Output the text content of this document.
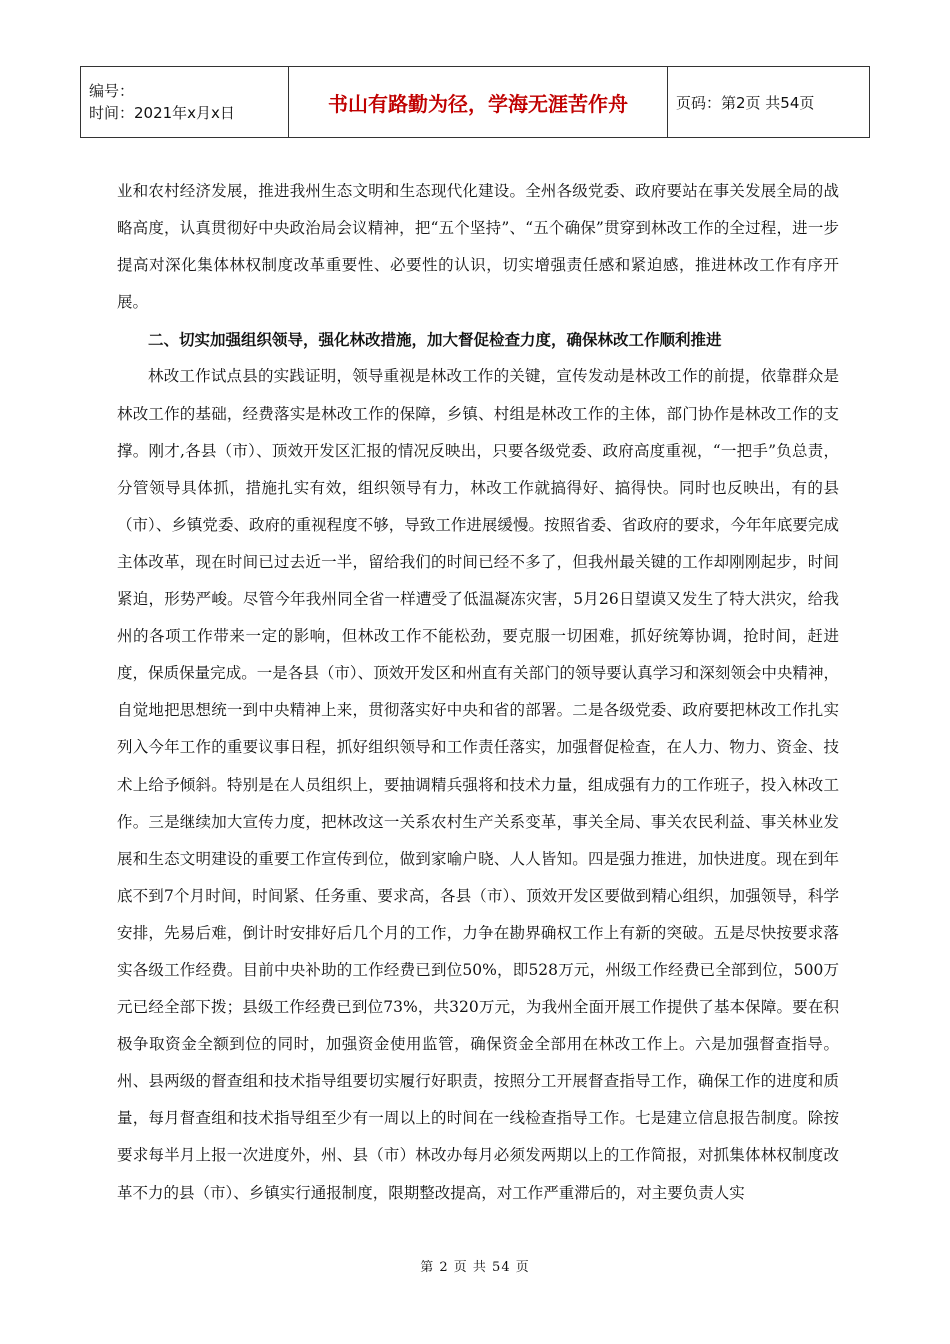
编号：
时间：2021年x月x日	书山有路勤为径，学海无涯苦作舟	页码：第2页 共54页

业和农村经济发展，推进我州生态文明和生态现代化建设。全州各级党委、政府要站在事关发展全局的战略高度，认真贯彻好中央政治局会议精神，把“五个坚持”、“五个确保”贯穿到林改工作的全过程，进一步提高对深化集体林权制度改革重要性、必要性的认识，切实增强责任感和紧迫感，推进林改工作有序开展。

二、切实加强组织领导，强化林改措施，加大督促检查力度，确保林改工作顺利推进

林改工作试点县的实践证明，领导重视是林改工作的关键，宣传发动是林改工作的前提，依靠群众是林改工作的基础，经费落实是林改工作的保障，乡镇、村组是林改工作的主体，部门协作是林改工作的支撑。刚才,各县（市）、顶效开发区汇报的情况反映出，只要各级党委、政府高度重视，“一把手”负总责，分管领导具体抓，措施扎实有效，组织领导有力，林改工作就搞得好、搞得快。同时也反映出，有的县（市）、乡镇党委、政府的重视程度不够，导致工作进展缓慢。按照省委、省政府的要求，今年年底要完成主体改革，现在时间已过去近一半，留给我们的时间已经不多了，但我州最关键的工作却刚刚起步，时间紧迫，形势严峻。尽管今年我州同全省一样遭受了低温凝冻灾害，5月26日望谟又发生了特大洪灾，给我州的各项工作带来一定的影响，但林改工作不能松劲，要克服一切困难，抓好统筹协调，抢时间，赶进度，保质保量完成。一是各县（市）、顶效开发区和州直有关部门的领导要认真学习和深刻领会中央精神，自觉地把思想统一到中央精神上来，贯彻落实好中央和省的部署。二是各级党委、政府要把林改工作扎实列入今年工作的重要议事日程，抓好组织领导和工作责任落实，加强督促检查，在人力、物力、资金、技术上给予倾斜。特别是在人员组织上，要抽调精兵强将和技术力量，组成强有力的工作班子，投入林改工作。三是继续加大宣传力度，把林改这一关系农村生产关系变革，事关全局、事关农民利益、事关林业发展和生态文明建设的重要工作宣传到位，做到家喻户晓、人人皆知。四是强力推进，加快进度。现在到年底不到7个月时间，时间紧、任务重、要求高，各县（市）、顶效开发区要做到精心组织，加强领导，科学安排，先易后难，倒计时安排好后几个月的工作，力争在勘界确权工作上有新的突破。五是尽快按要求落实各级工作经费。目前中央补助的工作经费已到位50%，即528万元，州级工作经费已全部到位，500万元已经全部下拨；县级工作经费已到位73%，共320万元，为我州全面开展工作提供了基本保障。要在积极争取资金全额到位的同时，加强资金使用监管，确保资金全部用在林改工作上。六是加强督查指导。州、县两级的督查组和技术指导组要切实履行好职责，按照分工开展督查指导工作，确保工作的进度和质量，每月督查组和技术指导组至少有一周以上的时间在一线检查指导工作。七是建立信息报告制度。除按要求每半月上报一次进度外，州、县（市）林改办每月必须发两期以上的工作简报，对抓集体林权制度改革不力的县（市）、乡镇实行通报制度，限期整改提高，对工作严重滞后的，对主要负责人实

第 2 页 共 54 页
